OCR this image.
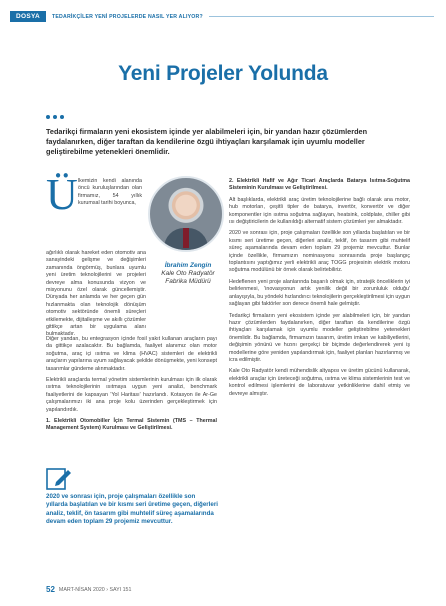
DOSYA	TEDARİKÇİLER YENİ PROJELERDE NASIL YER ALIYOR?
Yeni Projeler Yolunda
Tedarikçi firmaların yeni ekosistem içinde yer alabilmeleri için, bir yandan hazır çözümlerden faydalanırken, diğer taraftan da kendilerine özgü ihtiyaçları karşılamak için uyumlu modeller geliştirebilme yetenekleri önemlidir.
Ü lkemizin kendi alanında öncü kuruluşlarından olan firmamız, 54 yıllık kurumsal tarihi boyunca,
ağırlıklı olarak hareket eden otomotiv ana sanayindeki gelişme ve değişimleri zamanında öngörmüş, bunlara uyumlu yeni üretim teknolojilerini ve projeleri devreye alma konusunda vizyon ve misyonunu özel olarak güncellemiştir. Dünyada her anlamda ve her geçen gün hızlanmakta olan teknolojik dönüşüm otomotiv sektöründe önemli süreçleri etkilemekte, dijitalleşme ve akıllı çözümler gittikçe artan bir uygulama alanı bulmaktadır.
İbrahim Zengin
Kale Oto Radyatör
Fabrika Müdürü

Diğer yandan, bu entegrasyon içinde fosil yakıt kullanan araçların payı da gittikçe azalacaktır. Bu bağlamda, faaliyet alanımız olan motor soğutma, araç içi ısıtma ve klima (HVAC) sistemleri de elektrikli araçların yapılarına uyum sağlayacak şekilde dönüşmekte, yeni konsept tasarımlar gündeme alınmaktadır.

Elektrikli araçlarda termal yönetim sistemlerinin kurulması için ilk olarak ısıtma teknolojilerinin ısıtmaya uygun yeni analizi, benchmark faaliyetlerini de kapsayan 'Yol Haritası' hazırlandı. Kotasyon ile Ar-Ge çalışmalarımızı iki ana proje kolu üzerinden gerçekleştirmek için yapılandırdık.

1. Elektrikli Otomobiller İçin Termal Sistemin (TMS – Thermal Management System) Kurulması ve Geliştirilmesi.

2020 ve sonrası için, proje çalışmaları özellikle son yıllarda başlatılan ve bir kısmı seri üretime geçen, diğerleri analiz, teklif, ön tasarım gibi muhtelif süreç aşamalarında devam eden toplam 29 projemiz mevcuttur.

2. Elektrikli Hafif ve Ağır Ticari Araçlarda Batarya Isıtma-Soğutma Sisteminin Kurulması ve Geliştirilmesi.

Alt başlıklarda, elektrikli araç üretim teknolojilerine bağlı olarak ana motor, hub motorları, çeşitli tipler de batarya, invertör, konvertör ve diğer komponentler için ısıtma soğutma sağlayan, heatsink, coldplate, chiller gibi ısı değiştiricilerin de kullanıldığı alternatif sistem çözümleri yer almaktadır.

2020 ve sonrası için, proje çalışmaları özellikle son yıllarda başlatılan ve bir kısmı seri üretime geçen, diğerleri analiz, teklif, ön tasarım gibi muhtelif süreç aşamalarında devam eden toplam 29 projemiz mevcuttur. Bunlar içinde özellikle, firmamızın nominasyonu sonrasında proje başlangıç toplantısını yaptığımız yerli elektrikli araç TOGG projesinin elektrik motoru soğutma modülünü bir örnek olarak belirtebiliriz.

Hedeflenen yeni proje alanlarında başarılı olmak için, stratejik önceliklerin iyi belirlenmesi, 'inovasyonun artık yenilik değil bir zorunluluk olduğu' anlayışıyla, bu yöndeki hızlandırıcı teknolojilerin gerçekleştirilmesi için uygun sağlayan gibi faktörler son derece önemli hale gelmiştir.

Tedarikçi firmaların yeni ekosistem içinde yer alabilmeleri için, bir yandan hazır çözümlerden faydalanırken, diğer taraftan da kendilerine özgü ihtiyaçları karşılamak için uyumlu modeller geliştirebilme yetenekleri önemlidir. Bu bağlamda, firmamızın tasarım, üretim imkan ve kabiliyetlerini, değişimin yönünü ve hızını gerçekçi bir biçimde değerlendirerek yeni iş modellerine göre yeniden yapılandırmak için, faaliyet planları hazırlanmış ve icra edilmiştir.

Kale Oto Radyatör kendi mühendislik altyapısı ve üretim gücünü kullanarak, elektrikli araçlar için üreteceği soğutma, ısıtma ve klima sistemlerinin test ve kontrol edilmesi işlemlerini de laboratuvar yetkinliklerine dahil etmiş ve devreye almıştır.

52 MART-NİSAN 2020 › SAYI 151
